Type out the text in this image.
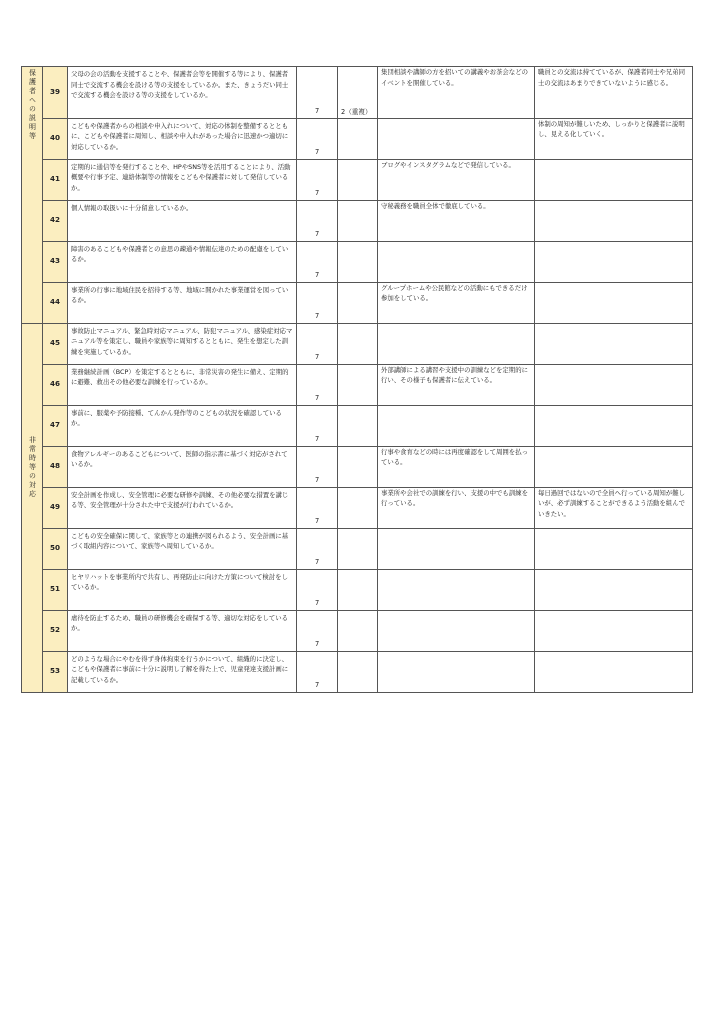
保護者への説明等	39	父母の会の活動を支援することや、保護者会等を開催する等により、保護者同士で交流する機会を設ける等の支援をしているか。また、きょうだい同士で交流する機会を設ける等の支援をしているか。	7	2（重複）	集団相談や講師の方を招いての講義やお茶会などのイベントを開催している。	職員との交流は持てているが、保護者同士や兄弟同士の交流はあまりできていないように感じる。
	40	こどもや保護者からの相談や申入れについて、対応の体制を整備するとともに、こどもや保護者に周知し、相談や申入れがあった場合に迅速かつ適切に対応しているか。	7			体制の周知が難しいため、しっかりと保護者に説明し、見える化していく。
	41	定期的に通信等を発行することや、HPやSNS等を活用することにより、活動概要や行事予定、連絡体制等の情報をこどもや保護者に対して発信しているか。	7		ブログやインスタグラムなどで発信している。	
	42	個人情報の取扱いに十分留意しているか。	7		守秘義務を職員全体で徹底している。	
	43	障害のあるこどもや保護者との意思の疎通や情報伝達のための配慮をしているか。	7			
	44	事業所の行事に地域住民を招待する等、地域に開かれた事業運営を図っているか。	7		グループホームや公民館などの活動にもできるだけ参加をしている。	

非常時等の対応	45	事故防止マニュアル、緊急時対応マニュアル、防犯マニュアル、感染症対応マニュアル等を策定し、職員や家族等に周知するとともに、発生を想定した訓練を実施しているか。	7			
	46	業務継続計画（BCP）を策定するとともに、非常災害の発生に備え、定期的に避難、救出その他必要な訓練を行っているか。	7		外部講師による講習や支援中の訓練などを定期的に行い、その様子も保護者に伝えている。	
	47	事前に、服薬や予防接種、てんかん発作等のこどもの状況を確認しているか。	7			
	48	食物アレルギーのあるこどもについて、医師の指示書に基づく対応がされているか。	7		行事や食育などの時には再度確認をして周囲を払っている。	
	49	安全計画を作成し、安全管理に必要な研修や訓練、その他必要な措置を講じる等、安全管理が十分された中で支援が行われているか。	7		事業所や会社での訓練を行い、支援の中でも訓練を行っている。	毎日過回ではないので全員へ行っている周知が難しいが、必ず訓練することができるよう活動を組んでいきたい。
	50	こどもの安全確保に関して、家族等との連携が図られるよう、安全計画に基づく取組内容について、家族等へ周知しているか。	7			
	51	ヒヤリハットを事業所内で共有し、再発防止に向けた方策について検討をしているか。	7			
	52	虐待を防止するため、職員の研修機会を確保する等、適切な対応をしているか。	7			
	53	どのような場合にやむを得ず身体拘束を行うかについて、組織的に決定し、こどもや保護者に事前に十分に説明し了解を得た上で、児童発達支援計画に記載しているか。	7			
